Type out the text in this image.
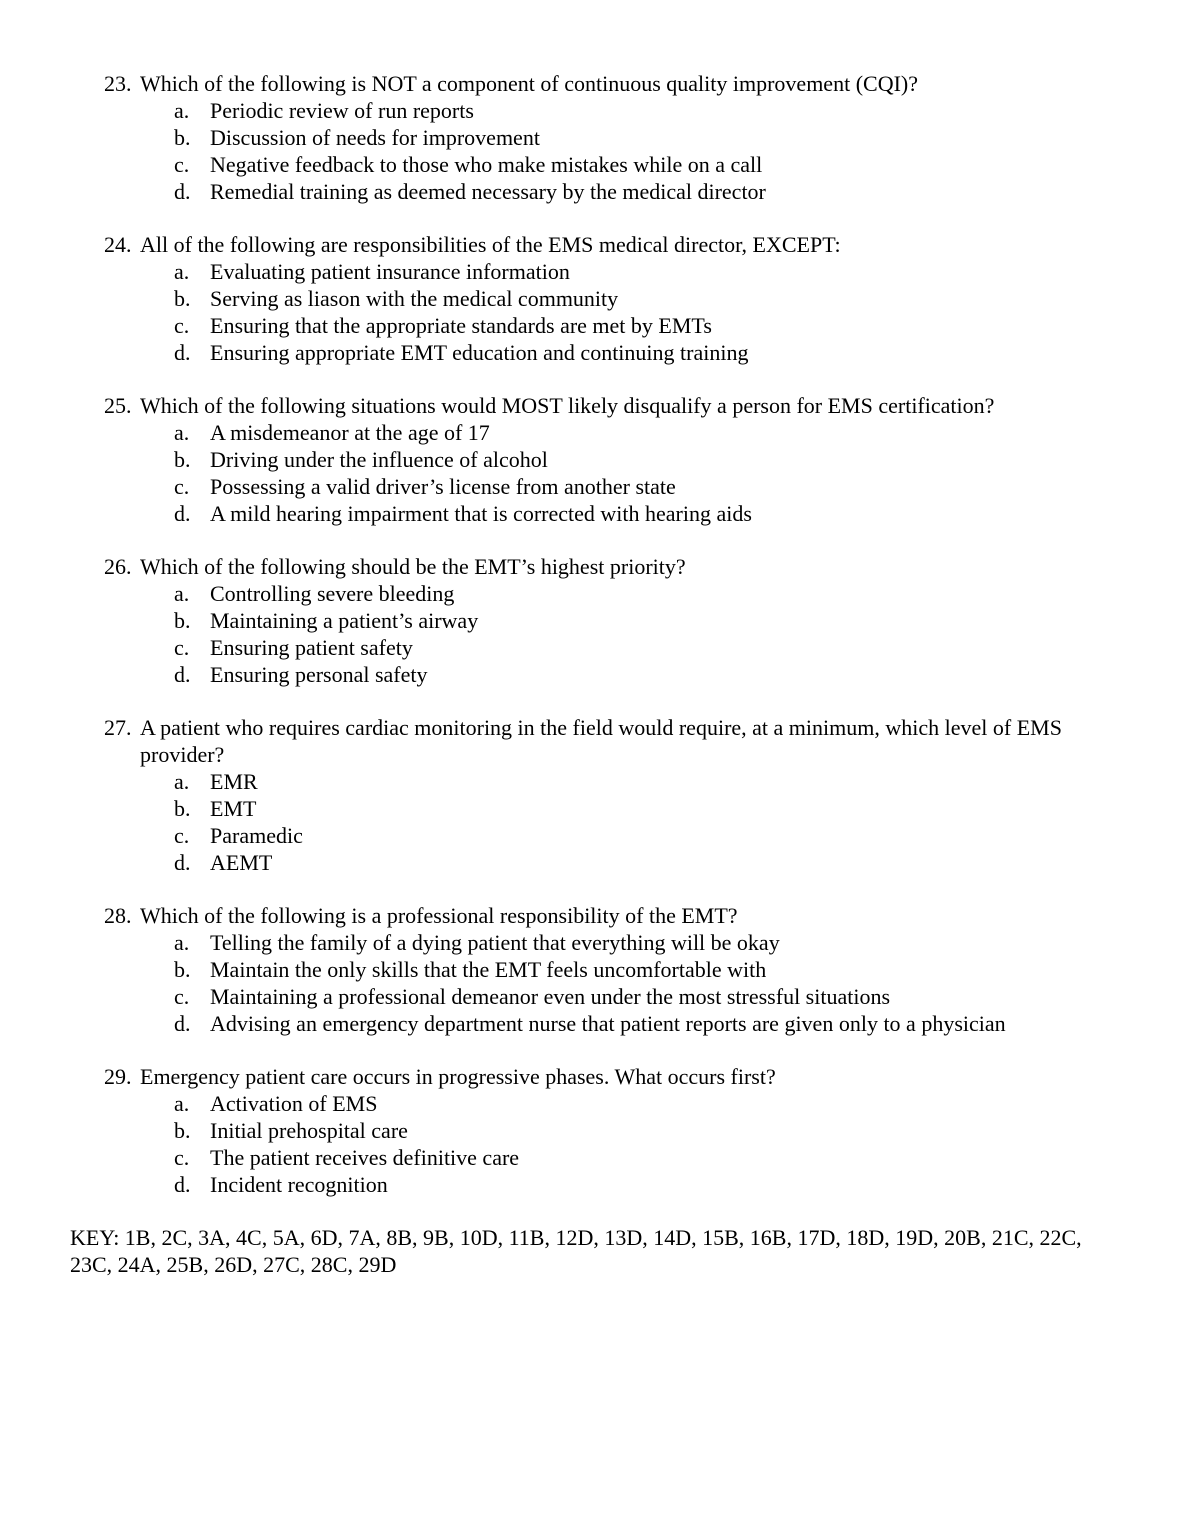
23. Which of the following is NOT a component of continuous quality improvement (CQI)?
a. Periodic review of run reports
b. Discussion of needs for improvement
c. Negative feedback to those who make mistakes while on a call
d. Remedial training as deemed necessary by the medical director
24. All of the following are responsibilities of the EMS medical director, EXCEPT:
a. Evaluating patient insurance information
b. Serving as liason with the medical community
c. Ensuring that the appropriate standards are met by EMTs
d. Ensuring appropriate EMT education and continuing training
25. Which of the following situations would MOST likely disqualify a person for EMS certification?
a. A misdemeanor at the age of 17
b. Driving under the influence of alcohol
c. Possessing a valid driver’s license from another state
d. A mild hearing impairment that is corrected with hearing aids
26. Which of the following should be the EMT’s highest priority?
a. Controlling severe bleeding
b. Maintaining a patient’s airway
c. Ensuring patient safety
d. Ensuring personal safety
27. A patient who requires cardiac monitoring in the field would require, at a minimum, which level of EMS provider?
a. EMR
b. EMT
c. Paramedic
d. AEMT
28. Which of the following is a professional responsibility of the EMT?
a. Telling the family of a dying patient that everything will be okay
b. Maintain the only skills that the EMT feels uncomfortable with
c. Maintaining a professional demeanor even under the most stressful situations
d. Advising an emergency department nurse that patient reports are given only to a physician
29. Emergency patient care occurs in progressive phases. What occurs first?
a. Activation of EMS
b. Initial prehospital care
c. The patient receives definitive care
d. Incident recognition
KEY: 1B, 2C, 3A, 4C, 5A, 6D, 7A, 8B, 9B, 10D, 11B, 12D, 13D, 14D, 15B, 16B, 17D, 18D, 19D, 20B, 21C, 22C, 23C, 24A, 25B, 26D, 27C, 28C, 29D
